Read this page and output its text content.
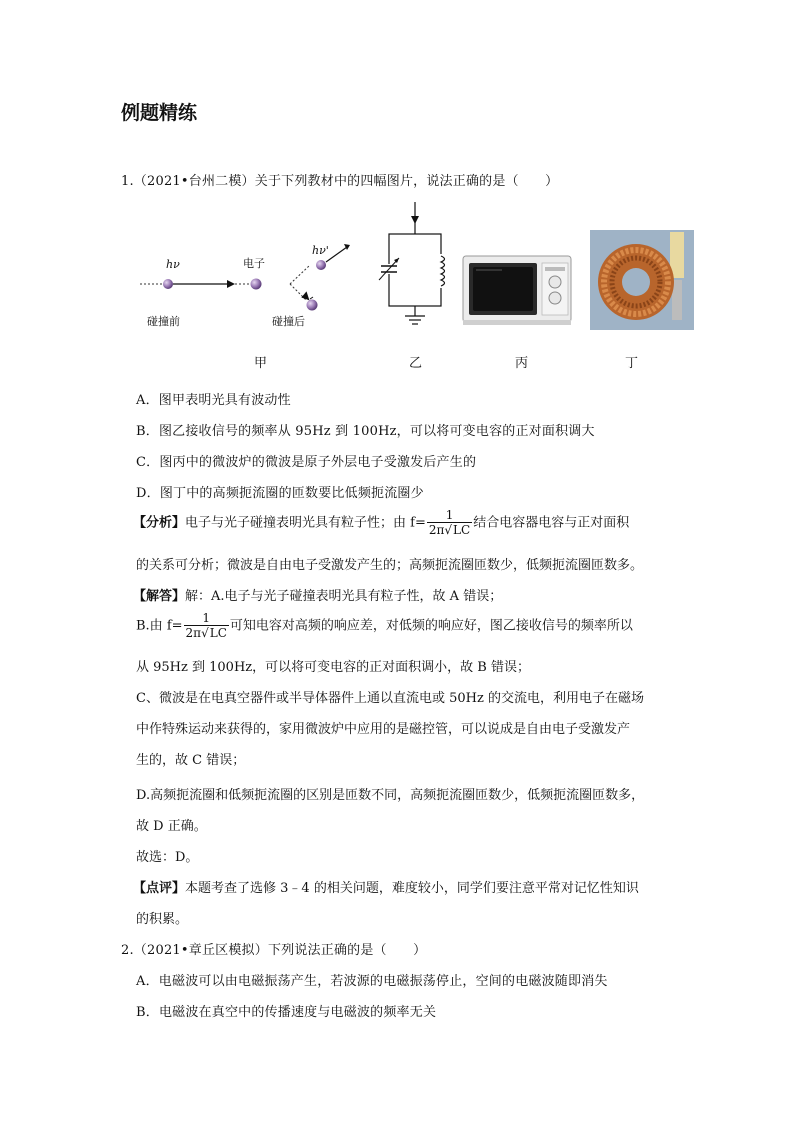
例题精练
1.（2021•台州二模）关于下列教材中的四幅图片，说法正确的是（　　）
hν	电子
hν'
碰撞前	碰撞后
甲	乙	丙	丁
A．图甲表明光具有波动性
B．图乙接收信号的频率从 95Hz 到 100Hz，可以将可变电容的正对面积调大
C．图丙中的微波炉的微波是原子外层电子受激发后产生的
D．图丁中的高频扼流圈的匝数要比低频扼流圈少
【分析】电子与光子碰撞表明光具有粒子性；由 $f= \frac{1}{2\pi√LC}$ 结合电容器电容与正对面积
的关系可分析；微波是自由电子受激发产生的；高频扼流圈匝数少，低频扼流圈匝数多。
【解答】解：A.电子与光子碰撞表明光具有粒子性，故 A 错误；
B.由 $f= \frac{1}{2\pi√LC}$ 可知电容对高频的响应差，对低频的响应好，图乙接收信号的频率所以
从 95Hz 到 100Hz，可以将可变电容的正对面积调小，故 B 错误；
C、微波是在电真空器件或半导体器件上通以直流电或 50Hz 的交流电，利用电子在磁场
中作特殊运动来获得的，家用微波炉中应用的是磁控管，可以说成是自由电子受激发产
生的，故 C 错误；
D.高频扼流圈和低频扼流圈的区别是匝数不同，高频扼流圈匝数少，低频扼流圈匝数多，
故 D 正确。
故选：D。
【点评】本题考查了选修 3﹣4 的相关问题，难度较小，同学们要注意平常对记忆性知识
的积累。
2.（2021•章丘区模拟）下列说法正确的是（　　）
A．电磁波可以由电磁振荡产生，若波源的电磁振荡停止，空间的电磁波随即消失
B．电磁波在真空中的传播速度与电磁波的频率无关
